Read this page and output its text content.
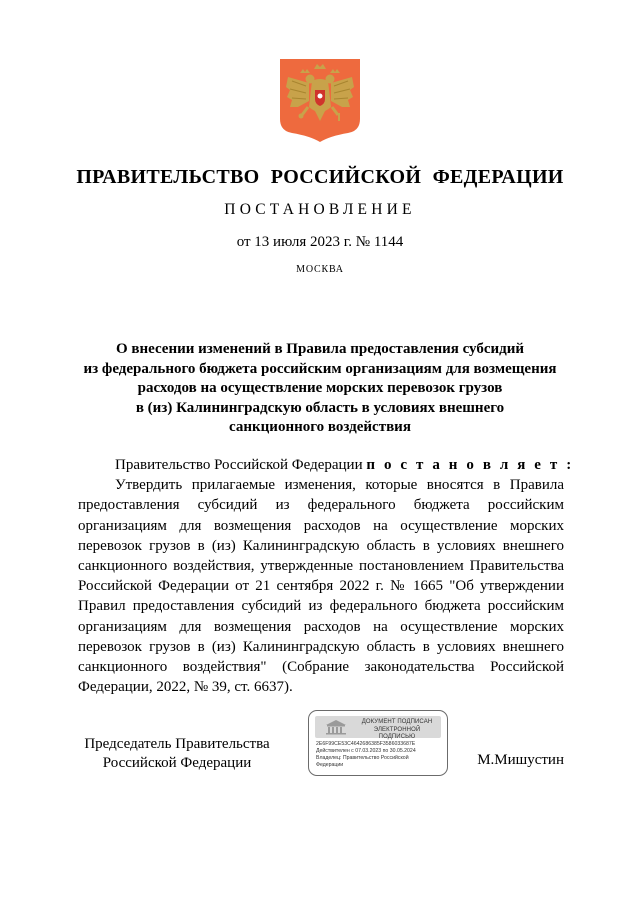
ПРАВИТЕЛЬСТВО РОССИЙСКОЙ ФЕДЕРАЦИИ
ПОСТАНОВЛЕНИЕ
от 13 июля 2023 г. № 1144
МОСКВА
О внесении изменений в Правила предоставления субсидий
из федерального бюджета российским организациям для возмещения
расходов на осуществление морских перевозок грузов
в (из) Калининградскую область в условиях внешнего
санкционного воздействия
Правительство Российской Федерации п о с т а н о в л я е т :
Утвердить прилагаемые изменения, которые вносятся в Правила
предоставления субсидий из федерального бюджета российским
организациям для возмещения расходов на осуществление морских
перевозок грузов в (из) Калининградскую область в условиях внешнего
санкционного воздействия, утвержденные постановлением Правительства
Российской Федерации от 21 сентября 2022 г. № 1665 "Об утверждении
Правил предоставления субсидий из федерального бюджета российским
организациям для возмещения расходов на осуществление морских
перевозок грузов в (из) Калининградскую область в условиях внешнего
санкционного воздействия" (Собрание законодательства Российской
Федерации, 2022, № 39, ст. 6637).
Председатель Правительства
Российской Федерации
ДОКУМЕНТ ПОДПИСАН
ЭЛЕКТРОННОЙ ПОДПИСЬЮ
2E6F99CE53C4642686385F3586033687E
Действителен с 07.03.2023 по 30.05.2024
Владелец: Правительство Российской
Федерации	М.Мишустин
